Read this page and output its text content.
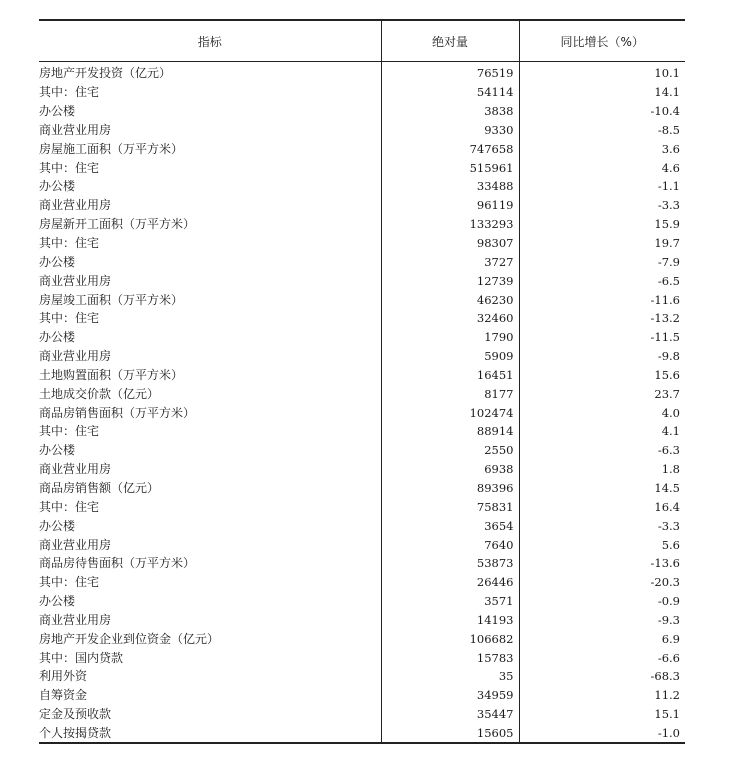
指标	绝对量	同比增长（%）
房地产开发投资（亿元）	76519	10.1
其中：住宅	54114	14.1
办公楼	3838	-10.4
商业营业用房	9330	-8.5
房屋施工面积（万平方米）	747658	3.6
其中：住宅	515961	4.6
办公楼	33488	-1.1
商业营业用房	96119	-3.3
房屋新开工面积（万平方米）	133293	15.9
其中：住宅	98307	19.7
办公楼	3727	-7.9
商业营业用房	12739	-6.5
房屋竣工面积（万平方米）	46230	-11.6
其中：住宅	32460	-13.2
办公楼	1790	-11.5
商业营业用房	5909	-9.8
土地购置面积（万平方米）	16451	15.6
土地成交价款（亿元）	8177	23.7
商品房销售面积（万平方米）	102474	4.0
其中：住宅	88914	4.1
办公楼	2550	-6.3
商业营业用房	6938	1.8
商品房销售额（亿元）	89396	14.5
其中：住宅	75831	16.4
办公楼	3654	-3.3
商业营业用房	7640	5.6
商品房待售面积（万平方米）	53873	-13.6
其中：住宅	26446	-20.3
办公楼	3571	-0.9
商业营业用房	14193	-9.3
房地产开发企业到位资金（亿元）	106682	6.9
其中：国内贷款	15783	-6.6
利用外资	35	-68.3
自筹资金	34959	11.2
定金及预收款	35447	15.1
个人按揭贷款	15605	-1.0
